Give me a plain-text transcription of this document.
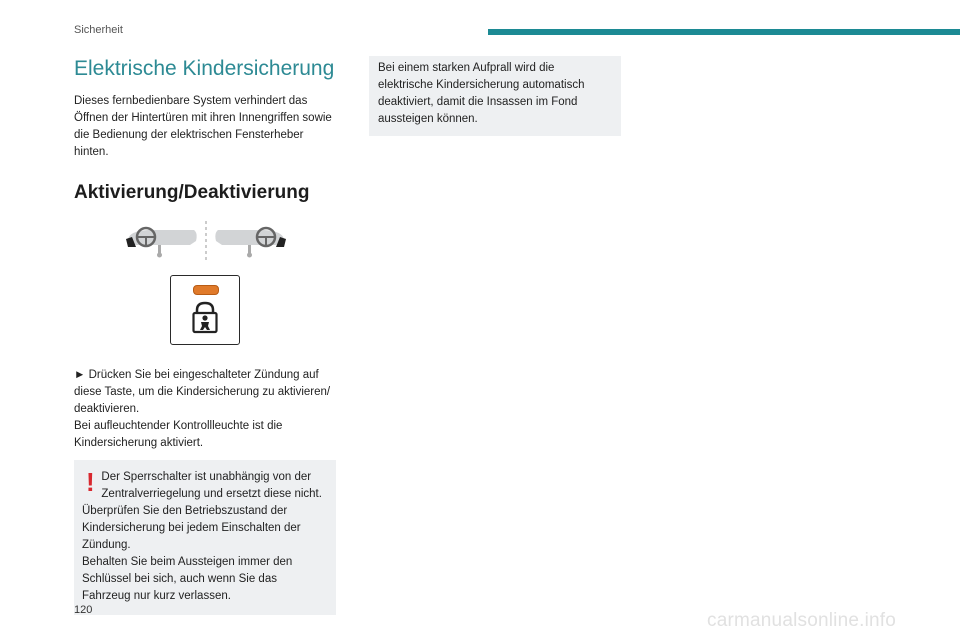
Sicherheit
Elektrische Kindersicherung

Dieses fernbedienbare System verhindert das Öffnen der Hintertüren mit ihren Innengriffen sowie die Bedienung der elektrischen Fensterheber hinten.

Aktivierung/Deaktivierung

► Drücken Sie bei eingeschalteter Zündung auf diese Taste, um die Kindersicherung zu aktivieren/ deaktivieren.

Bei aufleuchtender Kontrollleuchte ist die Kindersicherung aktiviert.

! Der Sperrschalter ist unabhängig von der Zentralverriegelung und ersetzt diese nicht.

Überprüfen Sie den Betriebszustand der Kindersicherung bei jedem Einschalten der Zündung.

Behalten Sie beim Aussteigen immer den Schlüssel bei sich, auch wenn Sie das Fahrzeug nur kurz verlassen.

Bei einem starken Aufprall wird die elektrische Kindersicherung automatisch deaktiviert, damit die Insassen im Fond aussteigen können.

120	carmanualsonline.info
